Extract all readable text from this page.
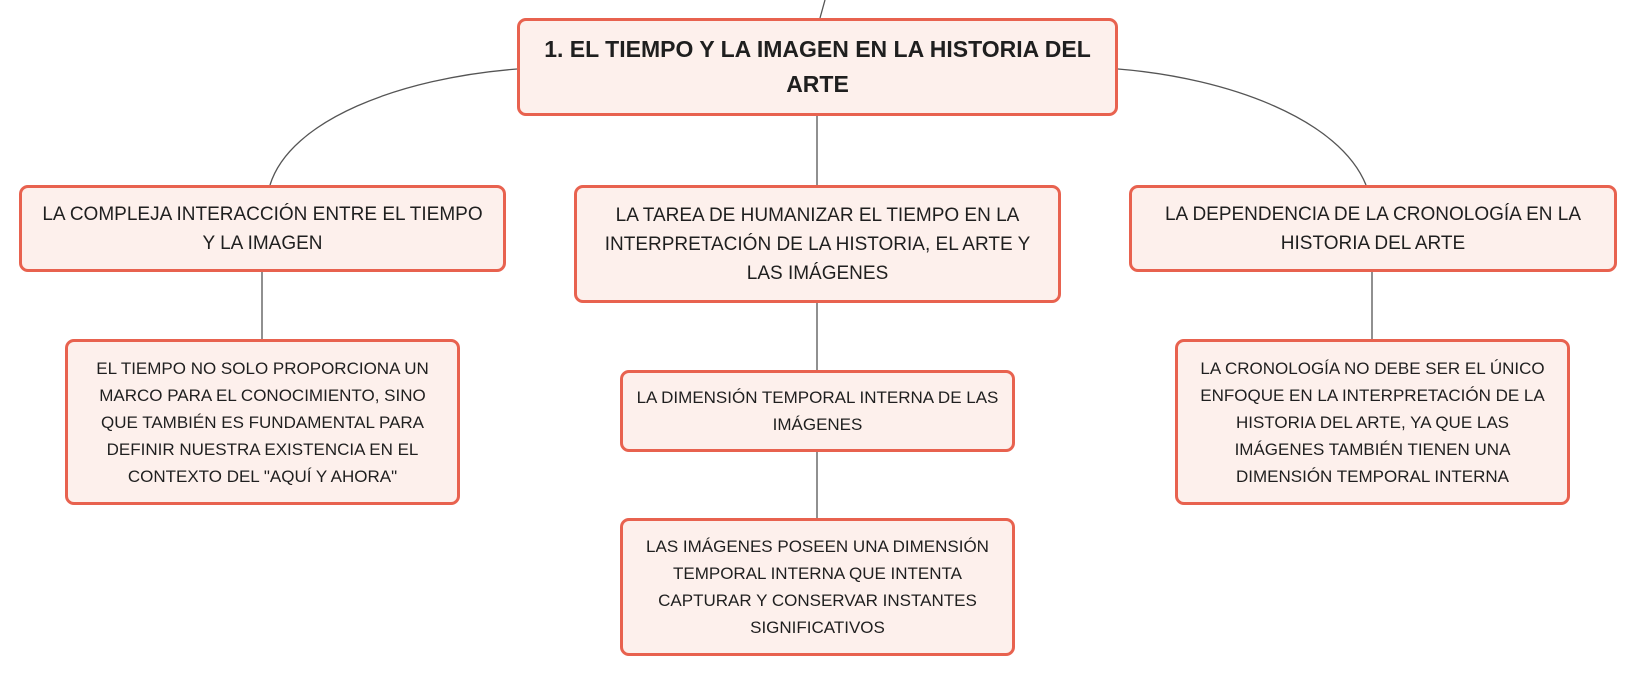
1. EL TIEMPO Y LA IMAGEN EN LA HISTORIA DEL ARTE
LA COMPLEJA INTERACCIÓN ENTRE EL TIEMPO Y LA IMAGEN
LA TAREA DE HUMANIZAR EL TIEMPO EN LA INTERPRETACIÓN DE LA HISTORIA, EL ARTE Y LAS IMÁGENES
LA DEPENDENCIA DE LA CRONOLOGÍA EN LA HISTORIA DEL ARTE
EL TIEMPO NO SOLO PROPORCIONA UN MARCO PARA EL CONOCIMIENTO, SINO QUE TAMBIÉN ES FUNDAMENTAL PARA DEFINIR NUESTRA EXISTENCIA EN EL CONTEXTO DEL "AQUÍ Y AHORA"
LA DIMENSIÓN TEMPORAL INTERNA DE LAS IMÁGENES
LAS IMÁGENES POSEEN UNA DIMENSIÓN TEMPORAL INTERNA QUE INTENTA CAPTURAR Y CONSERVAR INSTANTES SIGNIFICATIVOS
LA CRONOLOGÍA NO DEBE SER EL ÚNICO ENFOQUE EN LA INTERPRETACIÓN DE LA HISTORIA DEL ARTE, YA QUE LAS IMÁGENES TAMBIÉN TIENEN UNA DIMENSIÓN TEMPORAL INTERNA
